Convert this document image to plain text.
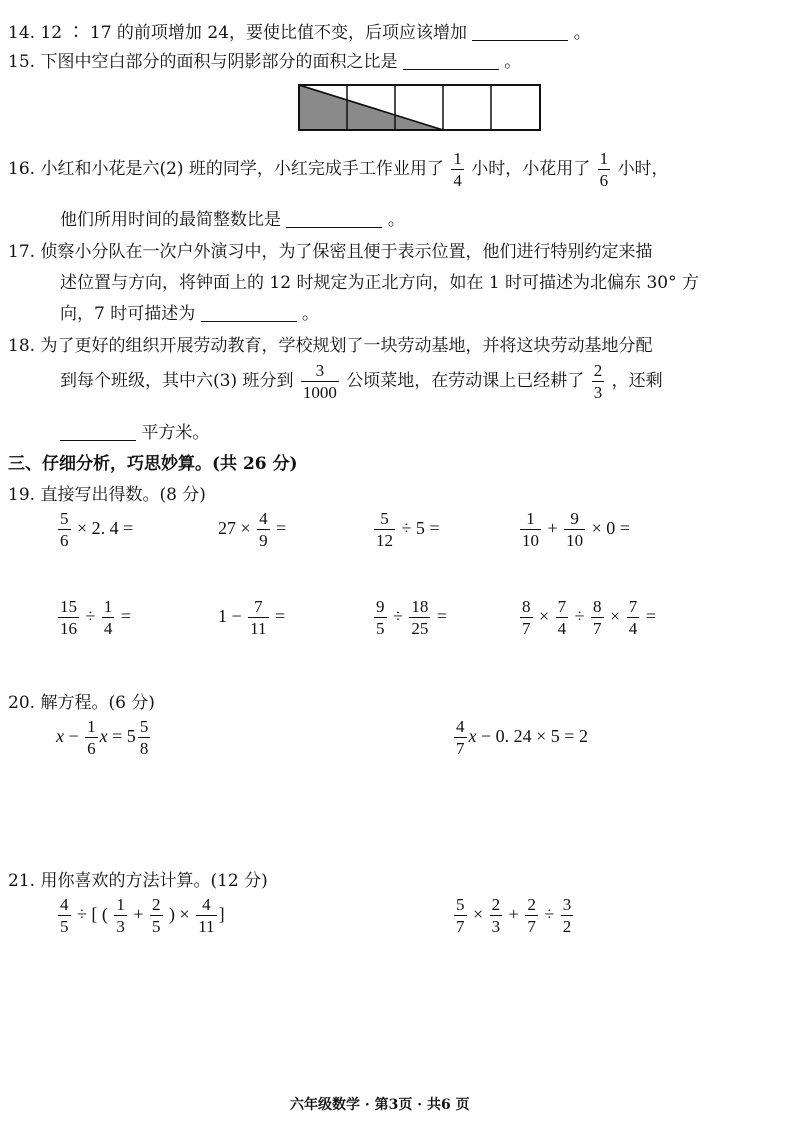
14. 12 ∶ 17 的前项增加 24，要使比值不变，后项应该增加	。
15. 下图中空白部分的面积与阴影部分的面积之比是	。
16. 小红和小花是六(2) 班的同学，小红完成手工作业用了 $\frac{1}{4}$ 小时，小花用了 $\frac{1}{6}$ 小时，
他们所用时间的最简整数比是	。
17. 侦察小分队在一次户外演习中，为了保密且便于表示位置，他们进行特别约定来描
述位置与方向，将钟面上的 12 时规定为正北方向，如在 1 时可描述为北偏东 30° 方
向，7 时可描述为	。
18. 为了更好的组织开展劳动教育，学校规划了一块劳动基地，并将这块劳动基地分配
到每个班级，其中六(3) 班分到 $\frac{3}{1000}$ 公顷菜地，在劳动课上已经耕了 $\frac{2}{3}$ ，还剩
平方米。
三、仔细分析，巧思妙算。(共 26 分)
19. 直接写出得数。(8 分)
$\frac{5}{6} \times 2$. 4 =	$27 \times \frac{4}{9}$ =	$\frac{5}{12} \div 5$ =	$\frac{1}{10} + \frac{9}{10} \times 0$ =
$\frac{15}{16} \div \frac{1}{4}$ =	$1 - \frac{7}{11}$ =	$\frac{9}{5} \div \frac{18}{25}$ =	$\frac{8}{7} \times \frac{7}{4} \div \frac{8}{7} \times \frac{7}{4}$ =
20. 解方程。(6 分)
$x - \frac{1}{6}$ $x = 5 \frac{5}{8}$	$\frac{4}{7}$ x − 0. 24 × 5 = 2
21. 用你喜欢的方法计算。(12 分)
$\frac{4}{5}$ ÷ [ ( $\frac{1}{3} + \frac{2}{5}$ ) × $\frac{4}{11}$ ]	$\frac{5}{7} \times \frac{2}{3} + \frac{2}{7} \div \frac{3}{2}$
六年级数学 · 第3页 · 共6 页
